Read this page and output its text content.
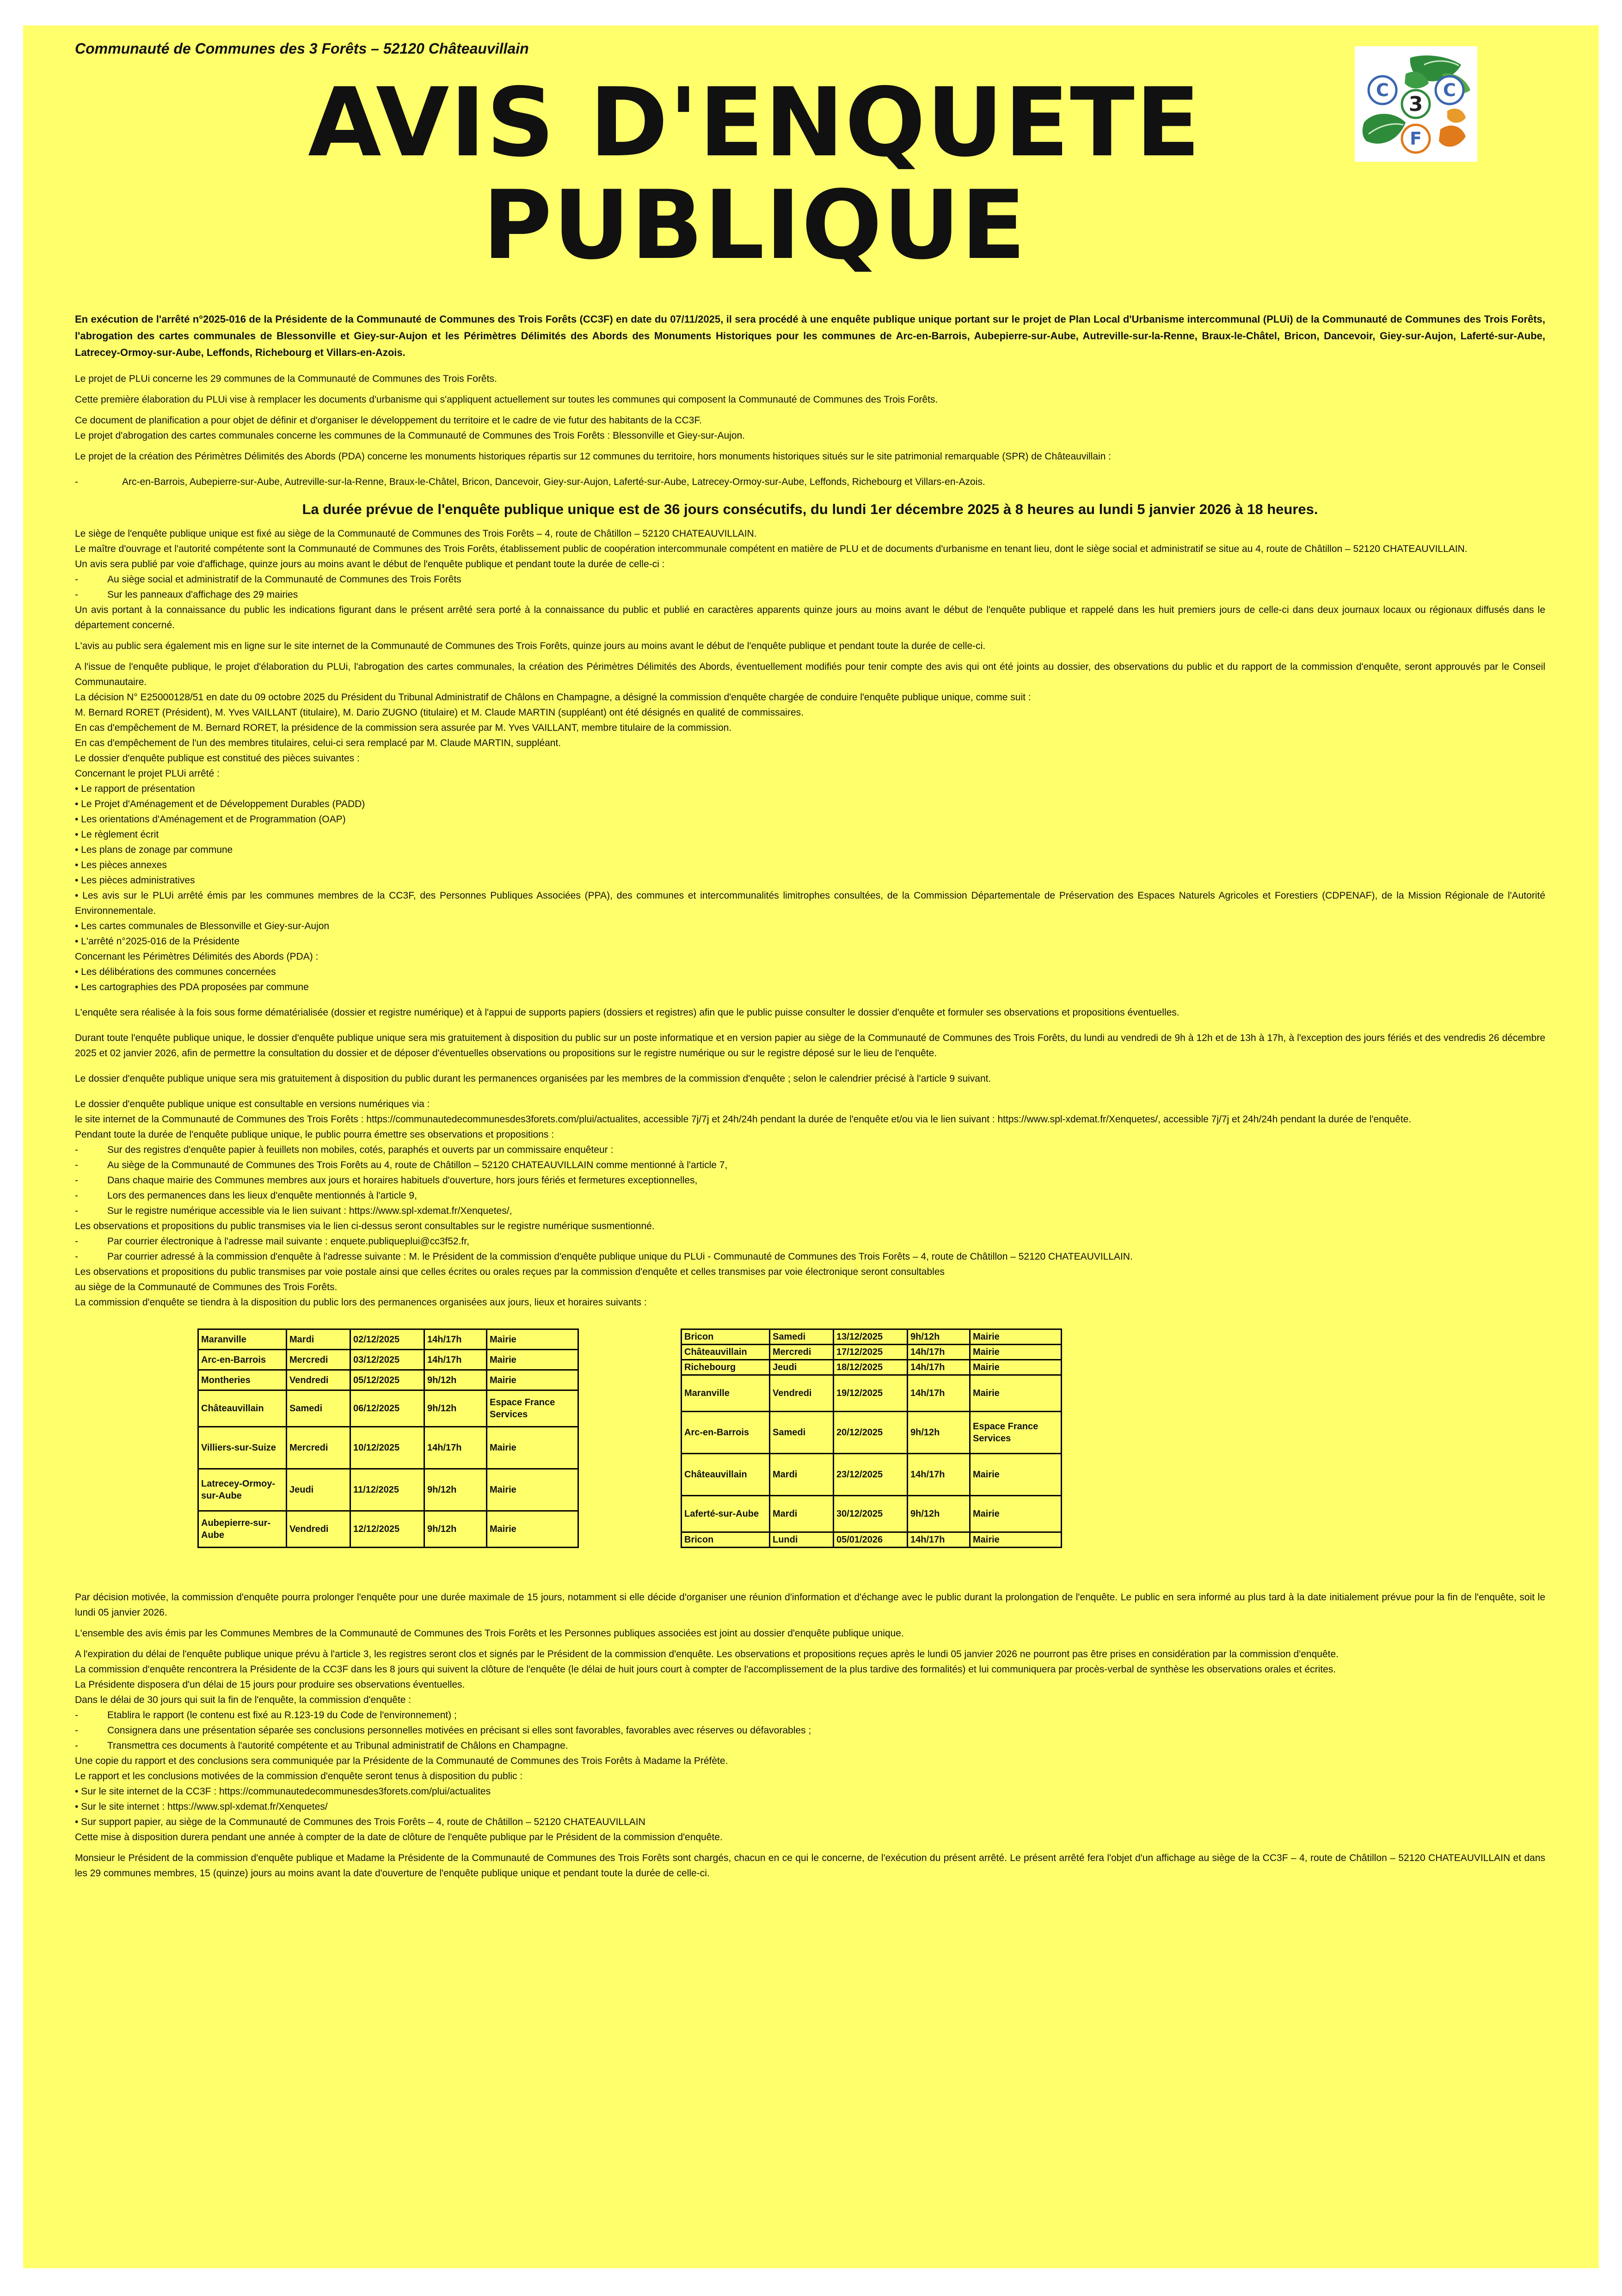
Communauté de Communes des 3 Forêts – 52120 Châteauvillain
AVIS D'ENQUETE
PUBLIQUE
C
3
C
F

En exécution de l'arrêté n°2025-016 de la Présidente de la Communauté de Communes des Trois Forêts (CC3F) en date du 07/11/2025, il sera procédé à une enquête publique unique portant sur le projet de Plan Local d'Urbanisme intercommunal (PLUi) de la Communauté de Communes des Trois Forêts, l'abrogation des cartes communales de Blessonville et Giey-sur-Aujon et les Périmètres Délimités des Abords des Monuments Historiques pour les communes de Arc-en-Barrois, Aubepierre-sur-Aube, Autreville-sur-la-Renne, Braux-le-Châtel, Bricon, Dancevoir, Giey-sur-Aujon, Laferté-sur-Aube, Latrecey-Ormoy-sur-Aube, Leffonds, Richebourg et Villars-en-Azois.

Le projet de PLUi concerne les 29 communes de la Communauté de Communes des Trois Forêts.

Cette première élaboration du PLUi vise à remplacer les documents d'urbanisme qui s'appliquent actuellement sur toutes les communes qui composent la Communauté de Communes des Trois Forêts.

Ce document de planification a pour objet de définir et d'organiser le développement du territoire et le cadre de vie futur des habitants de la CC3F.

Le projet d'abrogation des cartes communales concerne les communes de la Communauté de Communes des Trois Forêts : Blessonville et Giey-sur-Aujon.

Le projet de la création des Périmètres Délimités des Abords (PDA) concerne les monuments historiques répartis sur 12 communes du territoire, hors monuments historiques situés sur le site patrimonial remarquable (SPR) de Châteauvillain :

-	Arc-en-Barrois, Aubepierre-sur-Aube, Autreville-sur-la-Renne, Braux-le-Châtel, Bricon, Dancevoir, Giey-sur-Aujon, Laferté-sur-Aube, Latrecey-Ormoy-sur-Aube, Leffonds, Richebourg et Villars-en-Azois.

La durée prévue de l'enquête publique unique est de 36 jours consécutifs, du lundi 1er décembre 2025 à 8 heures au lundi 5 janvier 2026 à 18 heures.

Le siège de l'enquête publique unique est fixé au siège de la Communauté de Communes des Trois Forêts – 4, route de Châtillon – 52120 CHATEAUVILLAIN.

Le maître d'ouvrage et l'autorité compétente sont la Communauté de Communes des Trois Forêts, établissement public de coopération intercommunale compétent en matière de PLU et de documents d'urbanisme en tenant lieu, dont le siège social et administratif se situe au 4, route de Châtillon – 52120 CHATEAUVILLAIN.

Un avis sera publié par voie d'affichage, quinze jours au moins avant le début de l'enquête publique et pendant toute la durée de celle-ci :

-	Au siège social et administratif de la Communauté de Communes des Trois Forêts
-	Sur les panneaux d'affichage des 29 mairies

Un avis portant à la connaissance du public les indications figurant dans le présent arrêté sera porté à la connaissance du public et publié en caractères apparents quinze jours au moins avant le début de l'enquête publique et rappelé dans les huit premiers jours de celle-ci dans deux journaux locaux ou régionaux diffusés dans le département concerné.

L'avis au public sera également mis en ligne sur le site internet de la Communauté de Communes des Trois Forêts, quinze jours au moins avant le début de l'enquête publique et pendant toute la durée de celle-ci.

A l'issue de l'enquête publique, le projet d'élaboration du PLUi, l'abrogation des cartes communales, la création des Périmètres Délimités des Abords, éventuellement modifiés pour tenir compte des avis qui ont été joints au dossier, des observations du public et du rapport de la commission d'enquête, seront approuvés par le Conseil Communautaire.

La décision N° E25000128/51 en date du 09 octobre 2025 du Président du Tribunal Administratif de Châlons en Champagne, a désigné la commission d'enquête chargée de conduire l'enquête publique unique, comme suit :

M. Bernard RORET (Président), M. Yves VAILLANT (titulaire), M. Dario ZUGNO (titulaire) et M. Claude MARTIN (suppléant) ont été désignés en qualité de commissaires.

En cas d'empêchement de M. Bernard RORET, la présidence de la commission sera assurée par M. Yves VAILLANT, membre titulaire de la commission.

En cas d'empêchement de l'un des membres titulaires, celui-ci sera remplacé par M. Claude MARTIN, suppléant.

Le dossier d'enquête publique est constitué des pièces suivantes :

Concernant le projet PLUi arrêté :

• Le rapport de présentation

• Le Projet d'Aménagement et de Développement Durables (PADD)

• Les orientations d'Aménagement et de Programmation (OAP)

• Le règlement écrit

• Les plans de zonage par commune

• Les pièces annexes

• Les pièces administratives

• Les avis sur le PLUi arrêté émis par les communes membres de la CC3F, des Personnes Publiques Associées (PPA), des communes et intercommunalités limitrophes consultées, de la Commission Départementale de Préservation des Espaces Naturels Agricoles et Forestiers (CDPENAF), de la Mission Régionale de l'Autorité Environnementale.

• Les cartes communales de Blessonville et Giey-sur-Aujon

• L'arrêté n°2025-016 de la Présidente

Concernant les Périmètres Délimités des Abords (PDA) :

• Les délibérations des communes concernées

• Les cartographies des PDA proposées par commune

L'enquête sera réalisée à la fois sous forme dématérialisée (dossier et registre numérique) et à l'appui de supports papiers (dossiers et registres) afin que le public puisse consulter le dossier d'enquête et formuler ses observations et propositions éventuelles.

Durant toute l'enquête publique unique, le dossier d'enquête publique unique sera mis gratuitement à disposition du public sur un poste informatique et en version papier au siège de la Communauté de Communes des Trois Forêts, du lundi au vendredi de 9h à 12h et de 13h à 17h, à l'exception des jours fériés et des vendredis 26 décembre 2025 et 02 janvier 2026, afin de permettre la consultation du dossier et de déposer d'éventuelles observations ou propositions sur le registre numérique ou sur le registre déposé sur le lieu de l'enquête.

Le dossier d'enquête publique unique sera mis gratuitement à disposition du public durant les permanences organisées par les membres de la commission d'enquête ; selon le calendrier précisé à l'article 9 suivant.

Le dossier d'enquête publique unique est consultable en versions numériques via :

le site internet de la Communauté de Communes des Trois Forêts : https://communautedecommunesdes3forets.com/plui/actualites, accessible 7j/7j et 24h/24h pendant la durée de l'enquête et/ou via le lien suivant : https://www.spl-xdemat.fr/Xenquetes/, accessible 7j/7j et 24h/24h pendant la durée de l'enquête.

Pendant toute la durée de l'enquête publique unique, le public pourra émettre ses observations et propositions :

-	Sur des registres d'enquête papier à feuillets non mobiles, cotés, paraphés et ouverts par un commissaire enquêteur :
-	Au siège de la Communauté de Communes des Trois Forêts au 4, route de Châtillon – 52120 CHATEAUVILLAIN comme mentionné à l'article 7,
-	Dans chaque mairie des Communes membres aux jours et horaires habituels d'ouverture, hors jours fériés et fermetures exceptionnelles,
-	Lors des permanences dans les lieux d'enquête mentionnés à l'article 9,
-	Sur le registre numérique accessible via le lien suivant : https://www.spl-xdemat.fr/Xenquetes/,

Les observations et propositions du public transmises via le lien ci-dessus seront consultables sur le registre numérique susmentionné.

-	Par courrier électronique à l'adresse mail suivante : enquete.publiqueplui@cc3f52.fr,
-	Par courrier adressé à la commission d'enquête à l'adresse suivante : M. le Président de la commission d'enquête publique unique du PLUi - Communauté de Communes des Trois Forêts – 4, route de Châtillon – 52120 CHATEAUVILLAIN.

Les observations et propositions du public transmises par voie postale ainsi que celles écrites ou orales reçues par la commission d'enquête et celles transmises par voie électronique seront consultables

au siège de la Communauté de Communes des Trois Forêts.

La commission d'enquête se tiendra à la disposition du public lors des permanences organisées aux jours, lieux et horaires suivants :

Maranville	Mardi	02/12/2025	14h/17h	Mairie
Arc-en-Barrois	Mercredi	03/12/2025	14h/17h	Mairie
Montheries	Vendredi	05/12/2025	9h/12h	Mairie
Châteauvillain	Samedi	06/12/2025	9h/12h	Espace France Services
Villiers-sur-Suize	Mercredi	10/12/2025	14h/17h	Mairie
Latrecey-Ormoy-sur-Aube	Jeudi	11/12/2025	9h/12h	Mairie
Aubepierre-sur-Aube	Vendredi	12/12/2025	9h/12h	Mairie
Bricon	Samedi	13/12/2025	9h/12h	Mairie
Châteauvillain	Mercredi	17/12/2025	14h/17h	Mairie
Richebourg	Jeudi	18/12/2025	14h/17h	Mairie
Maranville	Vendredi	19/12/2025	14h/17h	Mairie
Arc-en-Barrois	Samedi	20/12/2025	9h/12h	Espace France Services
Châteauvillain	Mardi	23/12/2025	14h/17h	Mairie
Laferté-sur-Aube	Mardi	30/12/2025	9h/12h	Mairie
Bricon	Lundi	05/01/2026	14h/17h	Mairie

Par décision motivée, la commission d'enquête pourra prolonger l'enquête pour une durée maximale de 15 jours, notamment si elle décide d'organiser une réunion d'information et d'échange avec le public durant la prolongation de l'enquête. Le public en sera informé au plus tard à la date initialement prévue pour la fin de l'enquête, soit le lundi 05 janvier 2026.

L'ensemble des avis émis par les Communes Membres de la Communauté de Communes des Trois Forêts et les Personnes publiques associées est joint au dossier d'enquête publique unique.

A l'expiration du délai de l'enquête publique unique prévu à l'article 3, les registres seront clos et signés par le Président de la commission d'enquête. Les observations et propositions reçues après le lundi 05 janvier 2026 ne pourront pas être prises en considération par la commission d'enquête.

La commission d'enquête rencontrera la Présidente de la CC3F dans les 8 jours qui suivent la clôture de l'enquête (le délai de huit jours court à compter de l'accomplissement de la plus tardive des formalités) et lui communiquera par procès-verbal de synthèse les observations orales et écrites.

La Présidente disposera d'un délai de 15 jours pour produire ses observations éventuelles.

Dans le délai de 30 jours qui suit la fin de l'enquête, la commission d'enquête :

-	Etablira le rapport (le contenu est fixé au R.123-19 du Code de l'environnement) ;
-	Consignera dans une présentation séparée ses conclusions personnelles motivées en précisant si elles sont favorables, favorables avec réserves ou défavorables ;
-	Transmettra ces documents à l'autorité compétente et au Tribunal administratif de Châlons en Champagne.

Une copie du rapport et des conclusions sera communiquée par la Présidente de la Communauté de Communes des Trois Forêts à Madame la Préfète.

Le rapport et les conclusions motivées de la commission d'enquête seront tenus à disposition du public :

• Sur le site internet de la CC3F : https://communautedecommunesdes3forets.com/plui/actualites

• Sur le site internet : https://www.spl-xdemat.fr/Xenquetes/

• Sur support papier, au siège de la Communauté de Communes des Trois Forêts – 4, route de Châtillon – 52120 CHATEAUVILLAIN

Cette mise à disposition durera pendant une année à compter de la date de clôture de l'enquête publique par le Président de la commission d'enquête.

Monsieur le Président de la commission d'enquête publique et Madame la Présidente de la Communauté de Communes des Trois Forêts sont chargés, chacun en ce qui le concerne, de l'exécution du présent arrêté. Le présent arrêté fera l'objet d'un affichage au siège de la CC3F – 4, route de Châtillon – 52120 CHATEAUVILLAIN et dans les 29 communes membres, 15 (quinze) jours au moins avant la date d'ouverture de l'enquête publique unique et pendant toute la durée de celle-ci.
